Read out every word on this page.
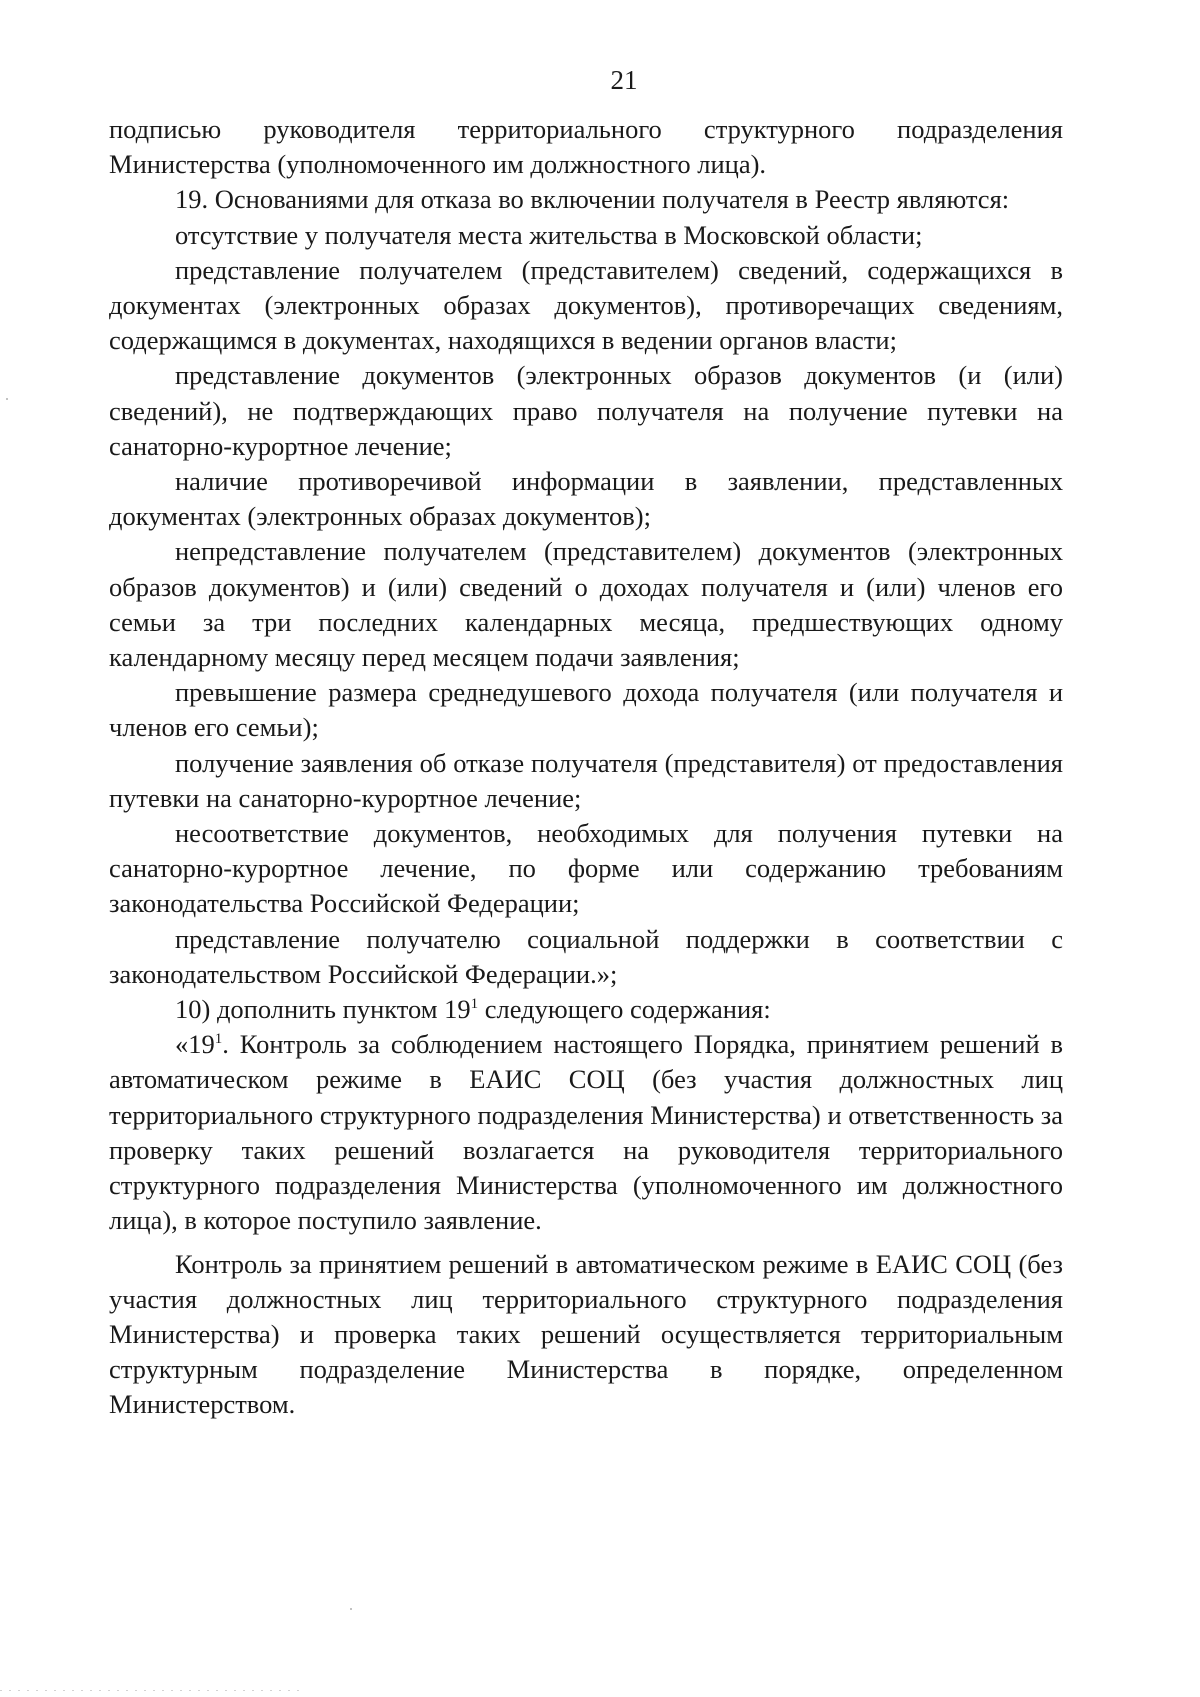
21

подписью руководителя территориального структурного подразделения Министерства (уполномоченного им должностного лица).

19. Основаниями для отказа во включении получателя в Реестр являются:

отсутствие у получателя места жительства в Московской области;

представление получателем (представителем) сведений, содержащихся в документах (электронных образах документов), противоречащих сведениям, содержащимся в документах, находящихся в ведении органов власти;

представление документов (электронных образов документов (и (или) сведений), не подтверждающих право получателя на получение путевки на санаторно-курортное лечение;

наличие противоречивой информации в заявлении, представленных документах (электронных образах документов);

непредставление получателем (представителем) документов (электронных образов документов) и (или) сведений о доходах получателя и (или) членов его семьи за три последних календарных месяца, предшествующих одному календарному месяцу перед месяцем подачи заявления;

превышение размера среднедушевого дохода получателя (или получателя и членов его семьи);

получение заявления об отказе получателя (представителя) от предоставления путевки на санаторно-курортное лечение;

несоответствие документов, необходимых для получения путевки на санаторно-курортное лечение, по форме или содержанию требованиям законодательства Российской Федерации;

представление получателю социальной поддержки в соответствии с законодательством Российской Федерации.»;

10) дополнить пунктом $19^1$ следующего содержания:

«$19^1$. Контроль за соблюдением настоящего Порядка, принятием решений в автоматическом режиме в ЕАИС СОЦ (без участия должностных лиц территориального структурного подразделения Министерства) и ответственность за проверку таких решений возлагается на руководителя территориального структурного подразделения Министерства (уполномоченного им должностного лица), в которое поступило заявление.

Контроль за принятием решений в автоматическом режиме в ЕАИС СОЦ (без участия должностных лиц территориального структурного подразделения Министерства) и проверка таких решений осуществляется территориальным структурным подразделение Министерства в порядке, определенном Министерством.
